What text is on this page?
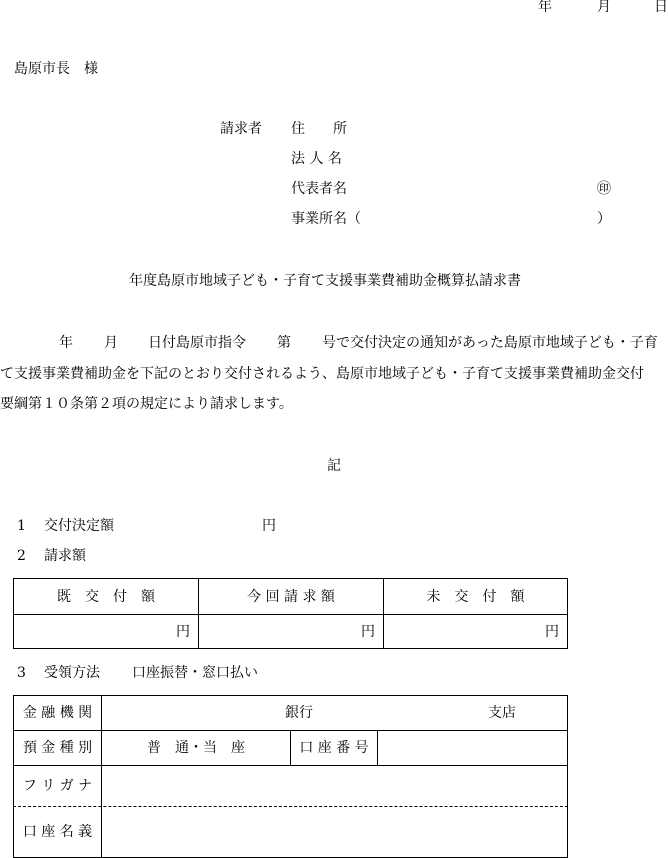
年	月	日
島原市長　様
請求者 住　　所
法 人 名
代表者名	㊞
事業所名（	）
年度島原市地域子ども・子育て支援事業費補助金概算払請求書
年 月 日付島原市指令 第 号で交付決定の通知があった島原市地域子ども・子育
て支援事業費補助金を下記のとおり交付されるよう、島原市地域子ども・子育て支援事業費補助金交付
要綱第１０条第２項の規定により請求します。
記
1 交付決定額	円
2 請求額
既　交　付　額	今 回 請 求 額	未　交　付　額
円	円	円
3 受領方法 口座振替・窓口払い
金 融 機 関	銀行	支店
預 金 種 別	普　通・当　座	口 座 番 号
フ リ ガ ナ
口 座 名 義
